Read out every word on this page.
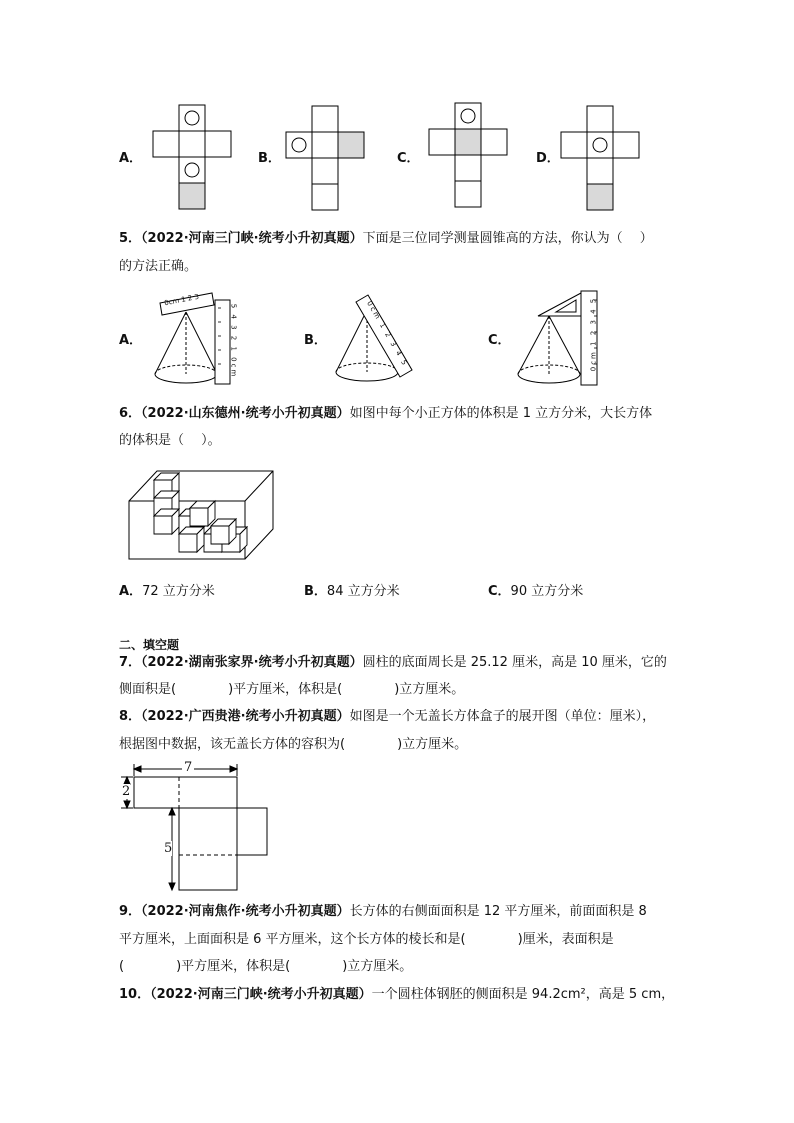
A．	B．	C．	D．
5．（2022·河南三门峡·统考小升初真题）下面是三位同学测量圆锥高的方法，你认为（　 ）
的方法正确。
A．
0cm 1 2 3
5 4 3 2 1 0cm	B．	0cm 1 2 3 4 5	C．	0cm 1 2 3 4 5
6．（2022·山东德州·统考小升初真题）如图中每个小正方体的体积是 1 立方分米，大长方体
的体积是（　 ）。
A．72 立方分米	B．84 立方分米	C．90 立方分米
二、填空题
7．（2022·湖南张家界·统考小升初真题）圆柱的底面周长是 25.12 厘米，高是 10 厘米，它的
侧面积是(　　　　)平方厘米，体积是(　　　　)立方厘米。
8．（2022·广西贵港·统考小升初真题）如图是一个无盖长方体盒子的展开图（单位：厘米），
根据图中数据，该无盖长方体的容积为(　　　　)立方厘米。
7
2
5
9．（2022·河南焦作·统考小升初真题）长方体的右侧面面积是 12 平方厘米，前面面积是 8
平方厘米，上面面积是 6 平方厘米，这个长方体的棱长和是(　　　　)厘米，表面积是
(　　　　)平方厘米，体积是(　　　　)立方厘米。
10．（2022·河南三门峡·统考小升初真题）一个圆柱体钢胚的侧面积是 94.2cm²，高是 5 cm，
